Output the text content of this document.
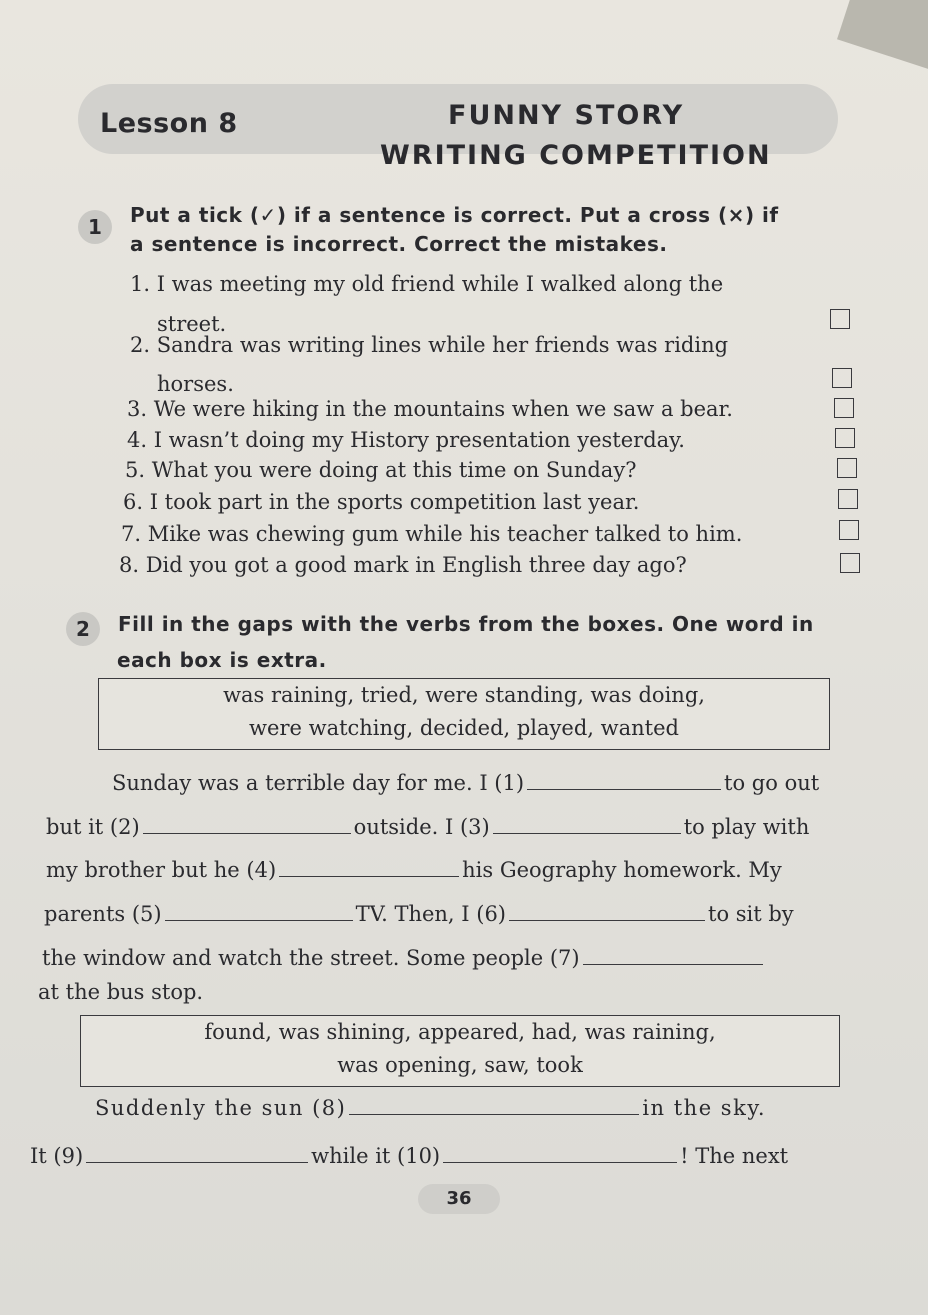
Lesson 8	FUNNY STORY
WRITING COMPETITION
1	Put a tick (✓) if a sentence is correct. Put a cross (×) if
a sentence is incorrect. Correct the mistakes.
1. I was meeting my old friend while I walked along the
street.
2. Sandra was writing lines while her friends was riding
horses.
3. We were hiking in the mountains when we saw a bear.
4. I wasn’t doing my History presentation yesterday.
5. What you were doing at this time on Sunday?
6. I took part in the sports competition last year.
7. Mike was chewing gum while his teacher talked to him.
8. Did you got a good mark in English three day ago?
2	Fill in the gaps with the verbs from the boxes. One word in
each box is extra.
was raining, tried, were standing, was doing,
were watching, decided, played, wanted
Sunday was a terrible day for me. I (1)	to go out
but it (2)	outside. I (3)	to play with
my brother but he (4)	his Geography homework. My
parents (5)	TV. Then, I (6)	to sit by
the window and watch the street. Some people (7)
at the bus stop.
found, was shining, appeared, had, was raining,
was opening, saw, took
Suddenly the sun (8)	in the sky.
It (9)	while it (10)	! The next
36
